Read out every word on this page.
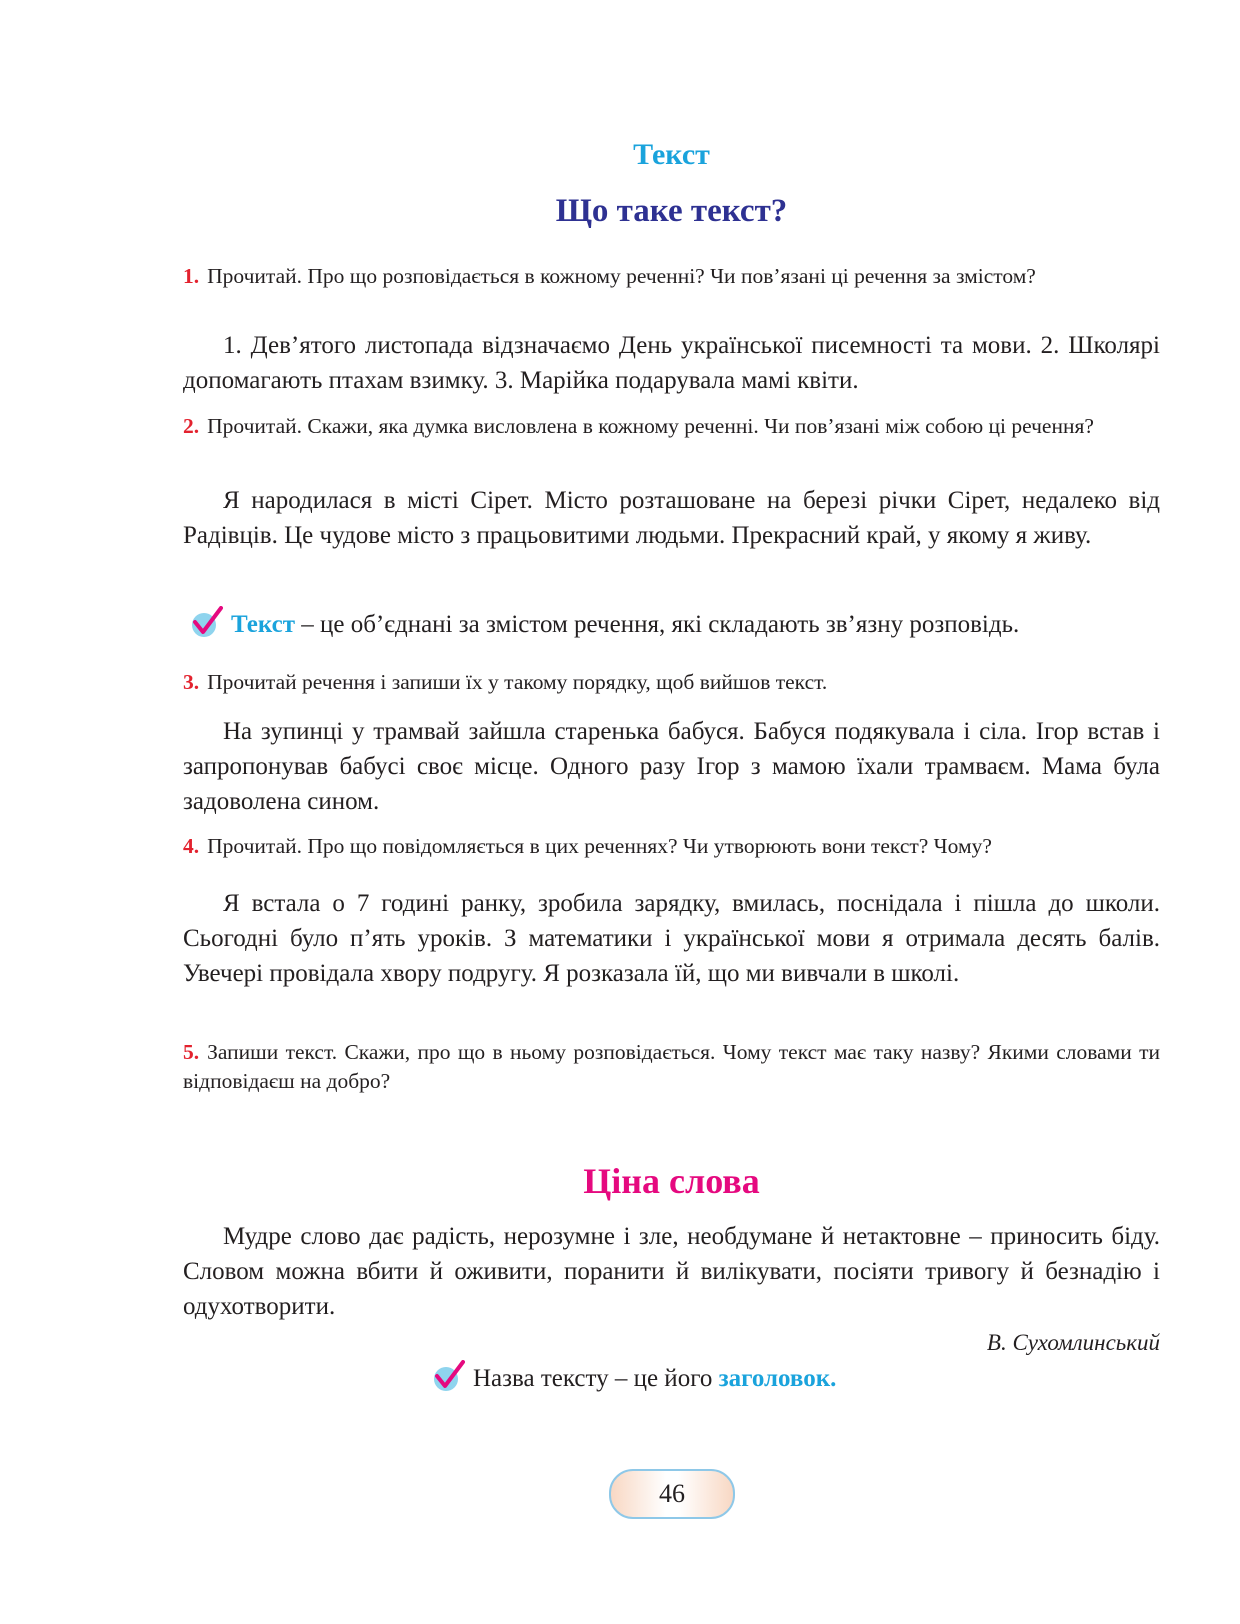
Текст
Що таке текст?
1. Прочитай. Про що розповідається в кожному реченні? Чи пов’язані ці речення за змістом?
1. Дев’ятого листопада відзначаємо День української писемності та мови. 2. Школярі допомагають птахам взимку. 3. Марійка подарувала мамі квіти.
2. Прочитай. Скажи, яка думка висловлена в кожному реченні. Чи пов’язані між собою ці речення?
Я народилася в місті Сірет. Місто розташоване на березі річки Сірет, недалеко від Радівців. Це чудове місто з працьовитими людьми. Прекрасний край, у якому я живу.
Текст – це об’єднані за змістом речення, які складають зв’язну розповідь.
3. Прочитай речення і запиши їх у такому порядку, щоб вийшов текст.
На зупинці у трамвай зайшла старенька бабуся. Бабуся подякувала і сіла. Ігор встав і запропонував бабусі своє місце. Одного разу Ігор з мамою їхали трамваєм. Мама була задоволена сином.
4. Прочитай. Про що повідомляється в цих реченнях? Чи утворюють вони текст? Чому?
Я встала о 7 годині ранку, зробила зарядку, вмилась, поснідала і пішла до школи. Сьогодні було п’ять уроків. З математики і української мови я отримала десять балів. Увечері провідала хвору подругу. Я розказала їй, що ми вивчали в школі.
5. Запиши текст. Скажи, про що в ньому розповідається. Чому текст має таку назву? Якими словами ти відповідаєш на добро?
Ціна слова
Мудре слово дає радість, нерозумне і зле, необдумане й нетактовне – приносить біду. Словом можна вбити й оживити, поранити й вилікувати, посіяти тривогу й безнадію і одухотворити.
В. Сухомлинський
Назва тексту – це його заголовок.
46
